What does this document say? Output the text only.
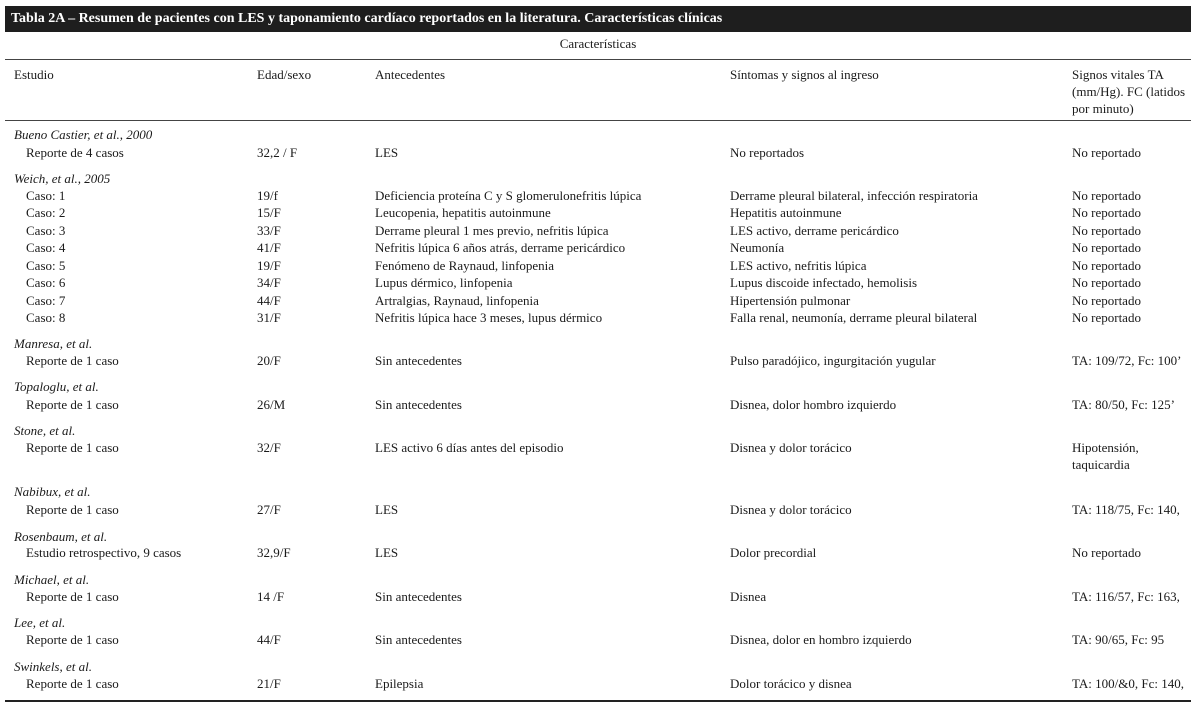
Tabla 2A – Resumen de pacientes con LES y taponamiento cardíaco reportados en la literatura. Características clínicas
Características
Estudio	Edad/sexo	Antecedentes	Síntomas y signos al ingreso	Signos vitales TA (mm/Hg). FC (latidos por minuto)
Bueno Castier, et al., 2000
Reporte de 4 casos	32,2 / F	LES	No reportados	No reportado
Weich, et al., 2005
Caso: 1	19/f	Deficiencia proteína C y S glomerulonefritis lúpica	Derrame pleural bilateral, infección respiratoria	No reportado
Caso: 2	15/F	Leucopenia, hepatitis autoinmune	Hepatitis autoinmune	No reportado
Caso: 3	33/F	Derrame pleural 1 mes previo, nefritis lúpica	LES activo, derrame pericárdico	No reportado
Caso: 4	41/F	Nefritis lúpica 6 años atrás, derrame pericárdico	Neumonía	No reportado
Caso: 5	19/F	Fenómeno de Raynaud, linfopenia	LES activo, nefritis lúpica	No reportado
Caso: 6	34/F	Lupus dérmico, linfopenia	Lupus discoide infectado, hemolisis	No reportado
Caso: 7	44/F	Artralgias, Raynaud, linfopenia	Hipertensión pulmonar	No reportado
Caso: 8	31/F	Nefritis lúpica hace 3 meses, lupus dérmico	Falla renal, neumonía, derrame pleural bilateral	No reportado
Manresa, et al.
Reporte de 1 caso	20/F	Sin antecedentes	Pulso paradójico, ingurgitación yugular	TA: 109/72, Fc: 100’
Topaloglu, et al.
Reporte de 1 caso	26/M	Sin antecedentes	Disnea, dolor hombro izquierdo	TA: 80/50, Fc: 125’
Stone, et al.
Reporte de 1 caso	32/F	LES activo 6 días antes del episodio	Disnea y dolor torácico	Hipotensión, taquicardia
Nabibux, et al.
Reporte de 1 caso	27/F	LES	Disnea y dolor torácico	TA: 118/75, Fc: 140,
Rosenbaum, et al.
Estudio retrospectivo, 9 casos	32,9/F	LES	Dolor precordial	No reportado
Michael, et al.
Reporte de 1 caso	14 /F	Sin antecedentes	Disnea	TA: 116/57, Fc: 163,
Lee, et al.
Reporte de 1 caso	44/F	Sin antecedentes	Disnea, dolor en hombro izquierdo	TA: 90/65, Fc: 95
Swinkels, et al.
Reporte de 1 caso	21/F	Epilepsia	Dolor torácico y disnea	TA: 100/&0, Fc: 140,
